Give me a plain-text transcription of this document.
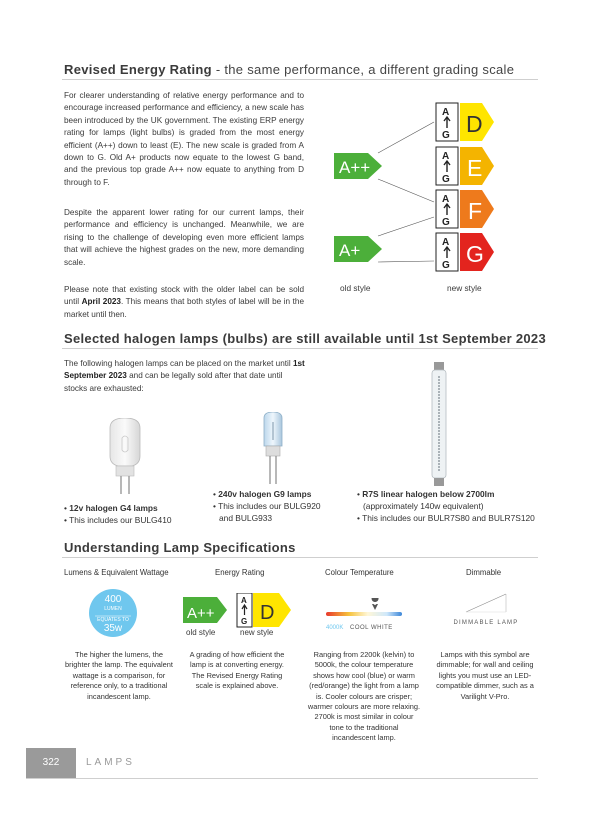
Revised Energy Rating - the same performance, a different grading scale
For clearer understanding of relative energy performance and to encourage increased performance and efficiency, a new scale has been introduced by the UK government. The existing ERP energy rating for lamps (light bulbs) is graded from the most energy efficient (A++) down to least (E). The new scale is graded from A down to G. Old A+ products now equate to the lowest G band, and the previous top grade A++ now equate to anything from D through to F.
Despite the apparent lower rating for our current lamps, their performance and efficiency is unchanged. Meanwhile, we are rising to the challenge of developing even more efficient lamps that will achieve the highest grades on the new, more demanding scale.
Please note that existing stock with the older label can be sold until April 2023. This means that both styles of label will be in the market until then.
A++
A+
A
G D
A
G E
A
G F
A
G G
old style	new style
Selected halogen lamps (bulbs) are still available until 1st September 2023
The following halogen lamps can be placed on the market until 1st September 2023 and can be legally sold after that date until stocks are exhausted:
• 12v halogen G4 lamps
• This includes our BULG410
• 240v halogen G9 lamps
• This includes our BULG920
and BULG933
• R7S linear halogen below 2700lm
(approximately 140w equivalent)
• This includes our BULR7S80 and BULR7S120
Understanding Lamp Specifications
Lumens & Equivalent Wattage	Energy Rating	Colour Temperature	Dimmable
400
LUMEN
EQUATES TO
35w
A++
A
G D
old style	new style	4000K COOL WHITE
DIMMABLE LAMP
The higher the lumens, the brighter the lamp. The equivalent wattage is a comparison, for reference only, to a traditional incandescent lamp.
A grading of how efficient the lamp is at converting energy. The Revised Energy Rating scale is explained above.
Ranging from 2200k (kelvin) to 5000k, the colour temperature shows how cool (blue) or warm (red/orange) the light from a lamp is. Cooler colours are crisper; warmer colours are more relaxing. 2700k is most similar in colour tone to the traditional incandescent lamp.
Lamps with this symbol are dimmable; for wall and ceiling lights you must use an LED-compatible dimmer, such as a Varilight V-Pro.
322	LAMPS
